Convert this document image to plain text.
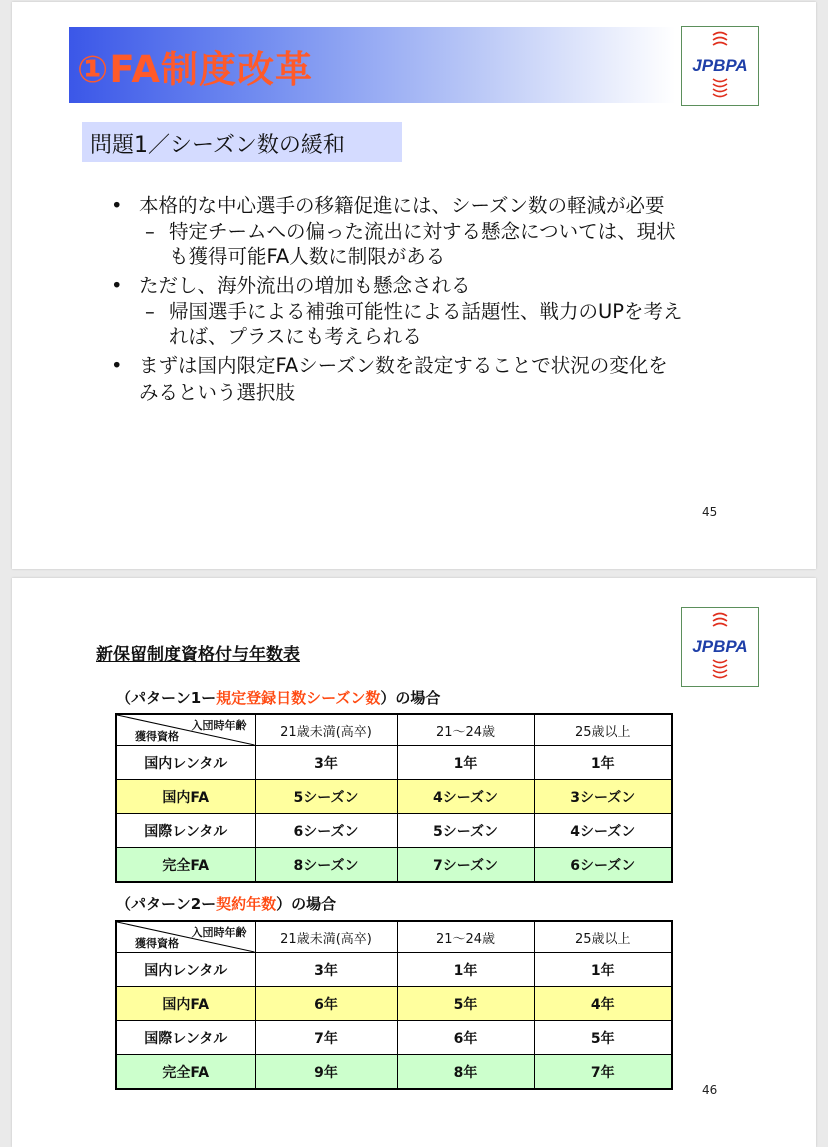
①FA制度改革	JPBPA
問題1／シーズン数の緩和
• 本格的な中心選手の移籍促進には、シーズン数の軽減が必要
– 特定チームへの偏った流出に対する懸念については、現状
も獲得可能FA人数に制限がある
• ただし、海外流出の増加も懸念される
– 帰国選手による補強可能性による話題性、戦力のUPを考え
れば、プラスにも考えられる
• まずは国内限定FAシーズン数を設定することで状況の変化を
みるという選択肢
45
JPBPA
新保留制度資格付与年数表
（パターン1ー規定登録日数シーズン数）の場合
入団時年齢
獲得資格	21歳未満(高卒)	21～24歳	25歳以上
国内レンタル	3年	1年	1年
国内FA	5シーズン	4シーズン	3シーズン
国際レンタル	6シーズン	5シーズン	4シーズン
完全FA	8シーズン	7シーズン	6シーズン
（パターン2ー契約年数）の場合
入団時年齢
獲得資格	21歳未満(高卒)	21～24歳	25歳以上
国内レンタル	3年	1年	1年
国内FA	6年	5年	4年
国際レンタル	7年	6年	5年
完全FA	9年	8年	7年
46
